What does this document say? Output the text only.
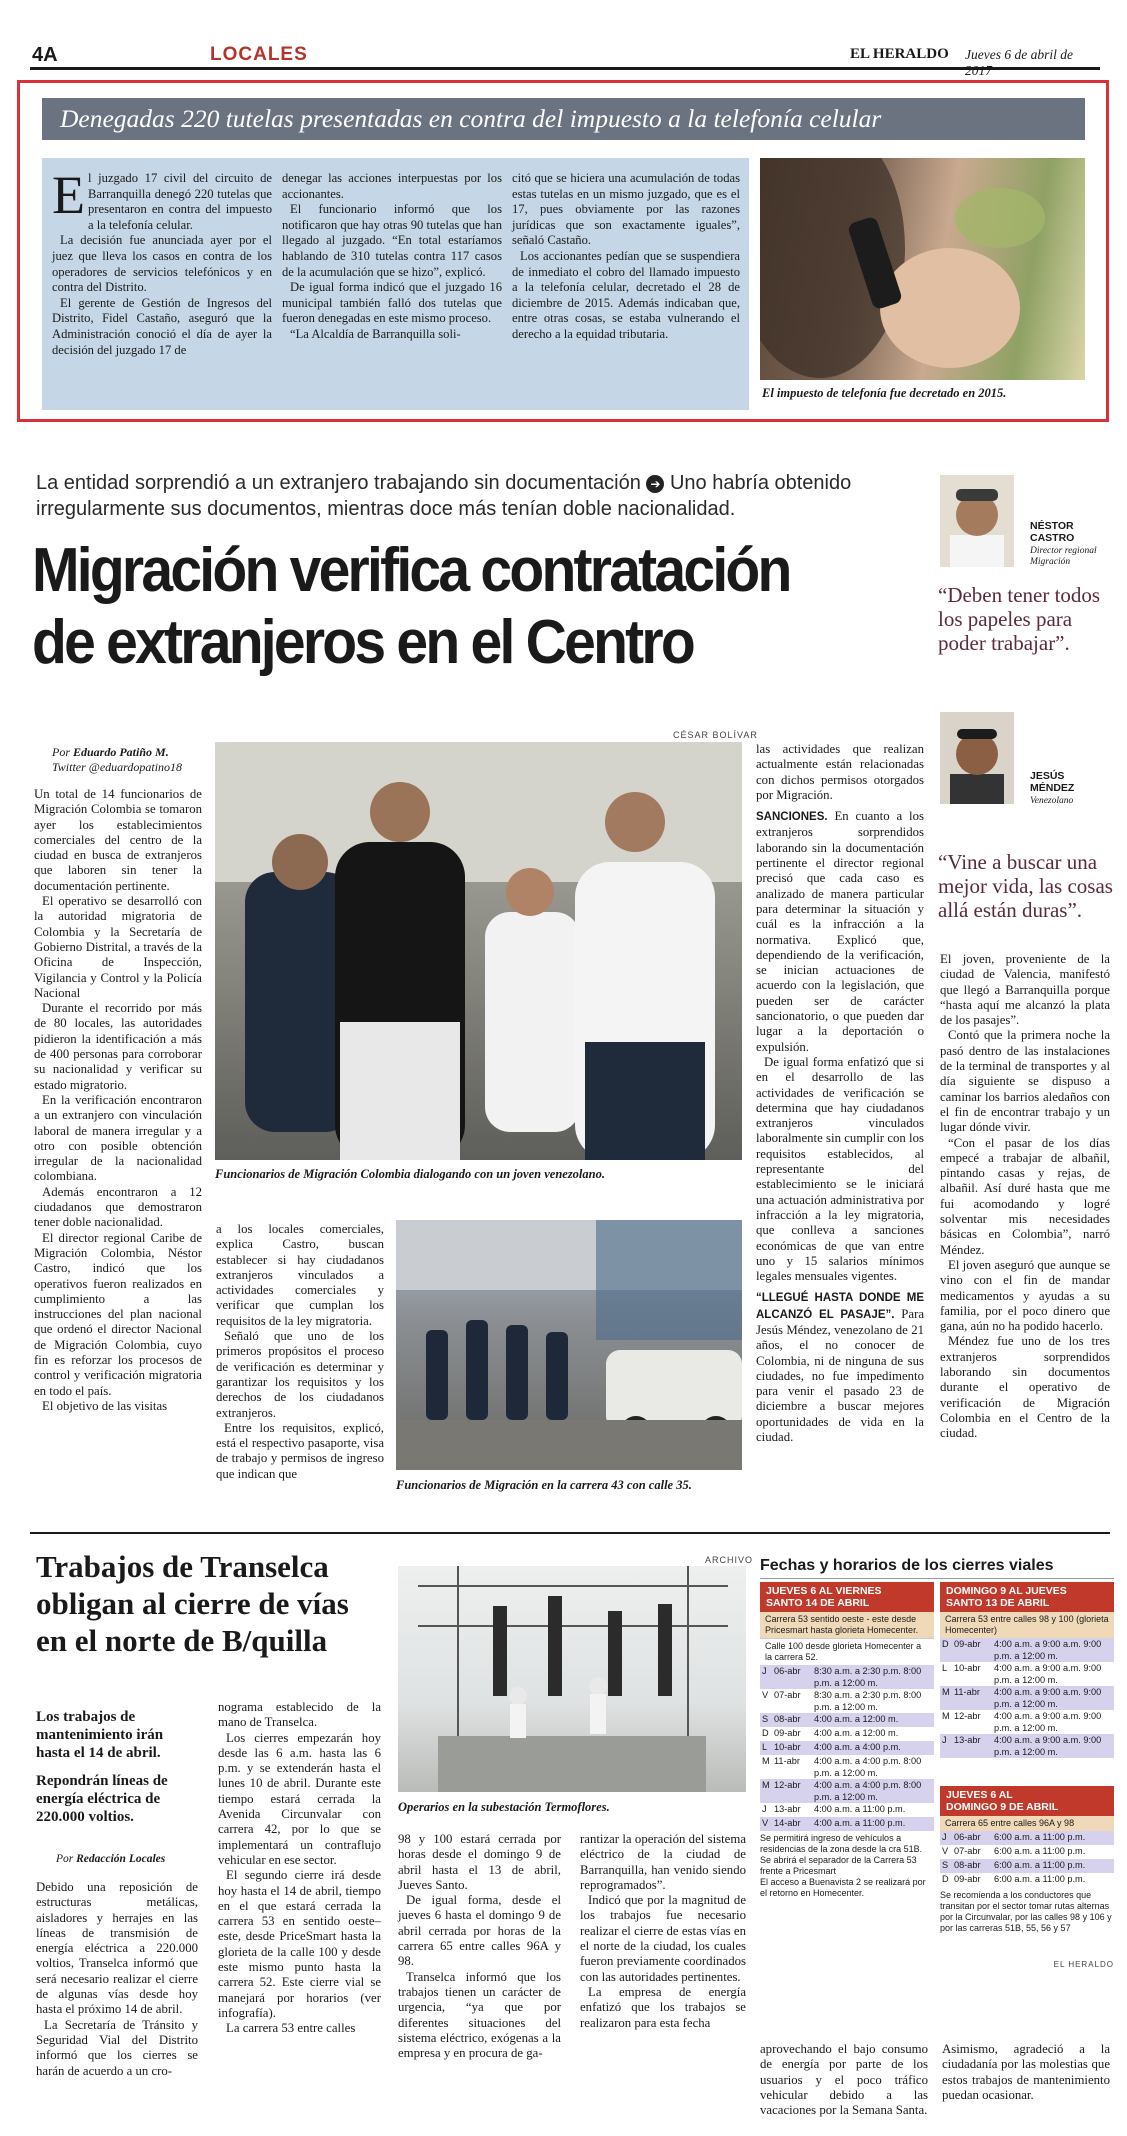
4A	LOCALES	EL HERALDO Jueves 6 de abril de 2017
Denegadas 220 tutelas presentadas en contra del impuesto a la telefonía celular
E l juzgado 17 civil del circuito de Barranquilla denegó 220 tutelas que presentaron en contra del impuesto a la telefonía celular.

La decisión fue anunciada ayer por el juez que lleva los casos en contra de los operadores de servicios telefónicos y en contra del Distrito.

El gerente de Gestión de Ingresos del Distrito, Fidel Castaño, aseguró que la Administración conoció el día de ayer la decisión del juzgado 17 de

denegar las acciones interpuestas por los accionantes.

El funcionario informó que los notificaron que hay otras 90 tutelas que han llegado al juzgado. “En total estaríamos hablando de 310 tutelas contra 117 casos de la acumulación que se hizo”, explicó.

De igual forma indicó que el juzgado 16 municipal también falló dos tutelas que fueron denegadas en este mismo proceso.

“La Alcaldía de Barranquilla soli-

citó que se hiciera una acumulación de todas estas tutelas en un mismo juzgado, que es el 17, pues obviamente por las razones jurídicas que son exactamente iguales”, señaló Castaño.

Los accionantes pedían que se suspendiera de inmediato el cobro del llamado impuesto a la telefonía celular, decretado el 28 de diciembre de 2015. Además indicaban que, entre otras cosas, se estaba vulnerando el derecho a la equidad tributaria.

El impuesto de telefonía fue decretado en 2015.
La entidad sorprendió a un extranjero trabajando sin documentación ➔ Uno habría obtenido irregularmente sus documentos, mientras doce más tenían doble nacionalidad.
Migración verifica contratación
de extranjeros en el Centro
Por Eduardo Patiño M.
Twitter @eduardopatino18

Un total de 14 funcionarios de Migración Colombia se tomaron ayer los establecimientos comerciales del centro de la ciudad en busca de extranjeros que laboren sin tener la documentación pertinente.

El operativo se desarrolló con la autoridad migratoria de Colombia y la Secretaría de Gobierno Distrital, a través de la Oficina de Inspección, Vigilancia y Control y la Policía Nacional

Durante el recorrido por más de 80 locales, las autoridades pidieron la identificación a más de 400 personas para corroborar su nacionalidad y verificar su estado migratorio.

En la verificación encontraron a un extranjero con vinculación laboral de manera irregular y a otro con posible obtención irregular de la nacionalidad colombiana.

Además encontraron a 12 ciudadanos que demostraron tener doble nacionalidad.

El director regional Caribe de Migración Colombia, Néstor Castro, indicó que los operativos fueron realizados en cumplimiento a las instrucciones del plan nacional que ordenó el director Nacional de Migración Colombia, cuyo fin es reforzar los procesos de control y verificación migratoria en todo el país.

El objetivo de las visitas

CÉSAR BOLÍVAR
Funcionarios de Migración Colombia dialogando con un joven venezolano.

a los locales comerciales, explica Castro, buscan establecer si hay ciudadanos extranjeros vinculados a actividades comerciales y verificar que cumplan los requisitos de la ley migratoria.

Señaló que uno de los primeros propósitos el proceso de verificación es determinar y garantizar los requisitos y los derechos de los ciudadanos extranjeros.

Entre los requisitos, explicó, está el respectivo pasaporte, visa de trabajo y permisos de ingreso que indican que

Funcionarios de Migración en la carrera 43 con calle 35.

las actividades que realizan actualmente están relacionadas con dichos permisos otorgados por Migración.

SANCIONES. En cuanto a los extranjeros sorprendidos laborando sin la documentación pertinente el director regional precisó que cada caso es analizado de manera particular para determinar la situación y cuál es la infracción a la normativa. Explicó que, dependiendo de la verificación, se inician actuaciones de acuerdo con la legislación, que pueden ser de carácter sancionatorio, o que pueden dar lugar a la deportación o expulsión.

De igual forma enfatizó que si en el desarrollo de las actividades de verificación se determina que hay ciudadanos extranjeros vinculados laboralmente sin cumplir con los requisitos establecidos, al representante del establecimiento se le iniciará una actuación administrativa por infracción a la ley migratoria, que conlleva a sanciones económicas de que van entre uno y 15 salarios mínimos legales mensuales vigentes.

“LLEGUÉ HASTA DONDE ME ALCANZÓ EL PASAJE”. Para Jesús Méndez, venezolano de 21 años, el no conocer de Colombia, ni de ninguna de sus ciudades, no fue impedimento para venir el pasado 23 de diciembre a buscar mejores oportunidades de vida en la ciudad.

NÉSTOR
CASTRO
Director regional
Migración
“Deben tener todos los papeles para poder trabajar”.
JESÚS
MÉNDEZ
Venezolano
“Vine a buscar una mejor vida, las cosas allá están duras”.

El joven, proveniente de la ciudad de Valencia, manifestó que llegó a Barranquilla porque “hasta aquí me alcanzó la plata de los pasajes”.

Contó que la primera noche la pasó dentro de las instalaciones de la terminal de transportes y al día siguiente se dispuso a caminar los barrios aledaños con el fin de encontrar trabajo y un lugar dónde vivir.

“Con el pasar de los días empecé a trabajar de albañil, pintando casas y rejas, de albañil. Así duré hasta que me fui acomodando y logré solventar mis necesidades básicas en Colombia”, narró Méndez.

El joven aseguró que aunque se vino con el fin de mandar medicamentos y ayudas a su familia, por el poco dinero que gana, aún no ha podido hacerlo.

Méndez fue uno de los tres extranjeros sorprendidos laborando sin documentos durante el operativo de verificación de Migración Colombia en el Centro de la ciudad.

Trabajos de Transelca
obligan al cierre de vías
en el norte de B/quilla
Los trabajos de mantenimiento irán hasta el 14 de abril.
Repondrán líneas de energía eléctrica de 220.000 voltios.
Por Redacción Locales

Debido una reposición de estructuras metálicas, aisladores y herrajes en las líneas de transmisión de energía eléctrica a 220.000 voltios, Transelca informó que será necesario realizar el cierre de algunas vías desde hoy hasta el próximo 14 de abril.

La Secretaría de Tránsito y Seguridad Vial del Distrito informó que los cierres se harán de acuerdo a un cro-

nograma establecido de la mano de Transelca.

Los cierres empezarán hoy desde las 6 a.m. hasta las 6 p.m. y se extenderán hasta el lunes 10 de abril. Durante este tiempo estará cerrada la Avenida Circunvalar con carrera 42, por lo que se implementará un contraflujo vehicular en ese sector.

El segundo cierre irá desde hoy hasta el 14 de abril, tiempo en el que estará cerrada la carrera 53 en sentido oeste–este, desde PriceSmart hasta la glorieta de la calle 100 y desde este mismo punto hasta la carrera 52. Este cierre vial se manejará por horarios (ver infografía).

La carrera 53 entre calles

ARCHIVO
Operarios en la subestación Termoflores.

98 y 100 estará cerrada por horas desde el domingo 9 de abril hasta el 13 de abril, Jueves Santo.

De igual forma, desde el jueves 6 hasta el domingo 9 de abril cerrada por horas de la carrera 65 entre calles 96A y 98.

Transelca informó que los trabajos tienen un carácter de urgencia, “ya que por diferentes situaciones del sistema eléctrico, exógenas a la empresa y en procura de ga-

rantizar la operación del sistema eléctrico de la ciudad de Barranquilla, han venido siendo reprogramados”.

Indicó que por la magnitud de los trabajos fue necesario realizar el cierre de estas vías en el norte de la ciudad, los cuales fueron previamente coordinados con las autoridades pertinentes.

La empresa de energía enfatizó que los trabajos se realizaron para esta fecha

aprovechando el bajo consumo de energía por parte de los usuarios y el poco tráfico vehicular debido a las vacaciones por la Semana Santa.

Asimismo, agradeció a la ciudadanía por las molestias que estos trabajos de mantenimiento puedan ocasionar.

Fechas y horarios de los cierres viales
JUEVES 6 AL VIERNES
SANTO 14 DE ABRIL
Carrera 53 sentido oeste - este desde Pricesmart hasta glorieta Homecenter.
Calle 100 desde glorieta Homecenter a la carrera 52.
J	06-abr	8:30 a.m. a 2:30 p.m. 8:00 p.m. a 12:00 m.
V	07-abr	8:30 a.m. a 2:30 p.m. 8:00 p.m. a 12:00 m.
S	08-abr	4:00 a.m. a 12:00 m.
D	09-abr	4:00 a.m. a 12:00 m.
L	10-abr	4:00 a.m. a 4:00 p.m.
M	11-abr	4:00 a.m. a 4:00 p.m. 8:00 p.m. a 12:00 m.
M	12-abr	4:00 a.m. a 4:00 p.m. 8:00 p.m. a 12:00 m.
J	13-abr	4:00 a.m. a 11:00 p.m.
V	14-abr	4:00 a.m. a 11:00 p.m.
Se permitirá ingreso de vehículos a residencias de la zona desde la cra 51B.
Se abrirá el separador de la Carrera 53 frente a Pricesmart
El acceso a Buenavista 2 se realizará por el retorno en Homecenter.
DOMINGO 9 AL JUEVES
SANTO 13 DE ABRIL
Carrera 53 entre calles 98 y 100 (glorieta Homecenter)
D	09-abr	4:00 a.m. a 9:00 a.m. 9:00 p.m. a 12:00 m.
L	10-abr	4:00 a.m. a 9:00 a.m. 9:00 p.m. a 12:00 m.
M	11-abr	4:00 a.m. a 9:00 a.m. 9:00 p.m. a 12:00 m.
M	12-abr	4:00 a.m. a 9:00 a.m. 9:00 p.m. a 12:00 m.
J	13-abr	4:00 a.m. a 9:00 a.m. 9:00 p.m. a 12:00 m.
JUEVES 6 AL
DOMINGO 9 DE ABRIL
Carrera 65 entre calles 96A y 98
J	06-abr	6:00 a.m. a 11:00 p.m.
V	07-abr	6:00 a.m. a 11:00 p.m.
S	08-abr	6:00 a.m. a 11:00 p.m.
D	09-abr	6:00 a.m. a 11:00 p.m.
Se recomienda a los conductores que transitan por el sector tomar rutas alternas por la Circunvalar, por las calles 98 y 106 y por las carreras 51B, 55, 56 y 57
EL HERALDO
